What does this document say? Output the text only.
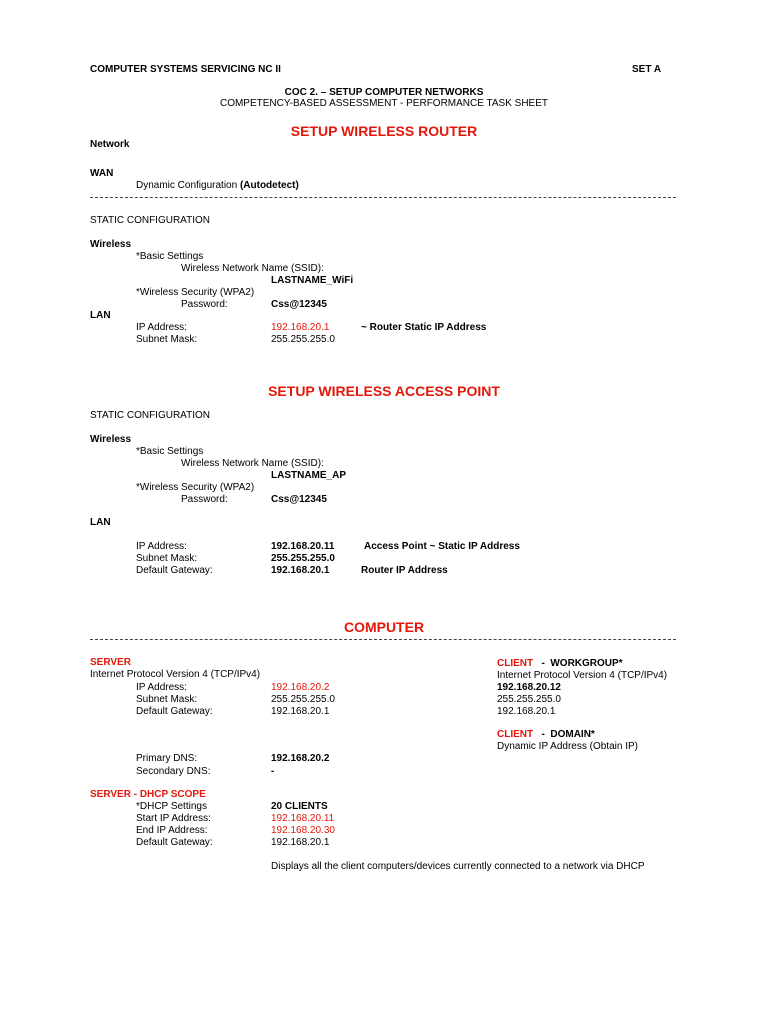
COMPUTER SYSTEMS SERVICING NC II	SET A
COC 2. – SETUP COMPUTER NETWORKS
COMPETENCY-BASED ASSESSMENT - PERFORMANCE TASK SHEET
SETUP WIRELESS ROUTER
Network
WAN
Dynamic Configuration (Autodetect)
STATIC CONFIGURATION
Wireless
*Basic Settings
Wireless Network Name (SSID):
LASTNAME_WiFi
*Wireless Security (WPA2)
Password:	Css@12345
LAN
IP Address:	192.168.20.1	~ Router Static IP Address
Subnet Mask:	255.255.255.0
SETUP WIRELESS ACCESS POINT
STATIC CONFIGURATION
Wireless
*Basic Settings
Wireless Network Name (SSID):
LASTNAME_AP
*Wireless Security (WPA2)
Password:	Css@12345
LAN
IP Address:	192.168.20.11	Access Point ~ Static IP Address
Subnet Mask:	255.255.255.0
Default Gateway:	192.168.20.1	Router IP Address
COMPUTER
SERVER
Internet Protocol Version 4 (TCP/IPv4)
IP Address:	192.168.20.2
Subnet Mask:	255.255.255.0
Default Gateway:	192.168.20.1
Primary DNS:	192.168.20.2
Secondary DNS:	-
SERVER - DHCP SCOPE
*DHCP Settings	20 CLIENTS
Start IP Address:	192.168.20.11
End IP Address:	192.168.20.30
Default Gateway:	192.168.20.1
Displays all the client computers/devices currently connected to a network via DHCP
CLIENT - WORKGROUP*
Internet Protocol Version 4 (TCP/IPv4)
192.168.20.12
255.255.255.0
192.168.20.1
CLIENT - DOMAIN*
Dynamic IP Address (Obtain IP)
